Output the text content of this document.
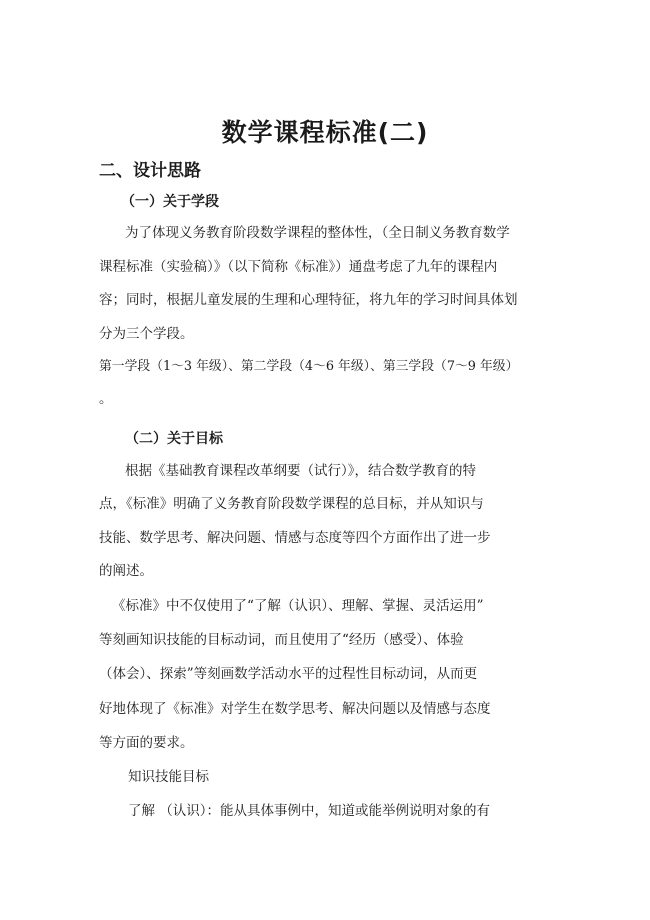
数学课程标准(二)
二、设计思路
（一）关于学段
为了体现义务教育阶段数学课程的整体性，（全日制义务教育数学
课程标准（实验稿）》（以下简称《标准》）通盘考虑了九年的课程内
容；同时，根据儿童发展的生理和心理特征，将九年的学习时间具体划
分为三个学段。
第一学段（1～3 年级）、第二学段（4～6 年级）、第三学段（7～9 年级）
。
（二）关于目标
根据《基础教育课程改革纲要（试行）》，结合数学教育的特
点，《标准》明确了义务教育阶段数学课程的总目标，并从知识与
技能、数学思考、解决问题、情感与态度等四个方面作出了进一步
的阐述。
《标准》中不仅使用了“了解（认识）、理解、掌握、灵活运用”
等刻画知识技能的目标动词，而且使用了“经历（感受）、体验
（体会）、探索”等刻画数学活动水平的过程性目标动词，从而更
好地体现了《标准》对学生在数学思考、解决问题以及情感与态度
等方面的要求。
知识技能目标
了解 （认识）：能从具体事例中，知道或能举例说明对象的有
